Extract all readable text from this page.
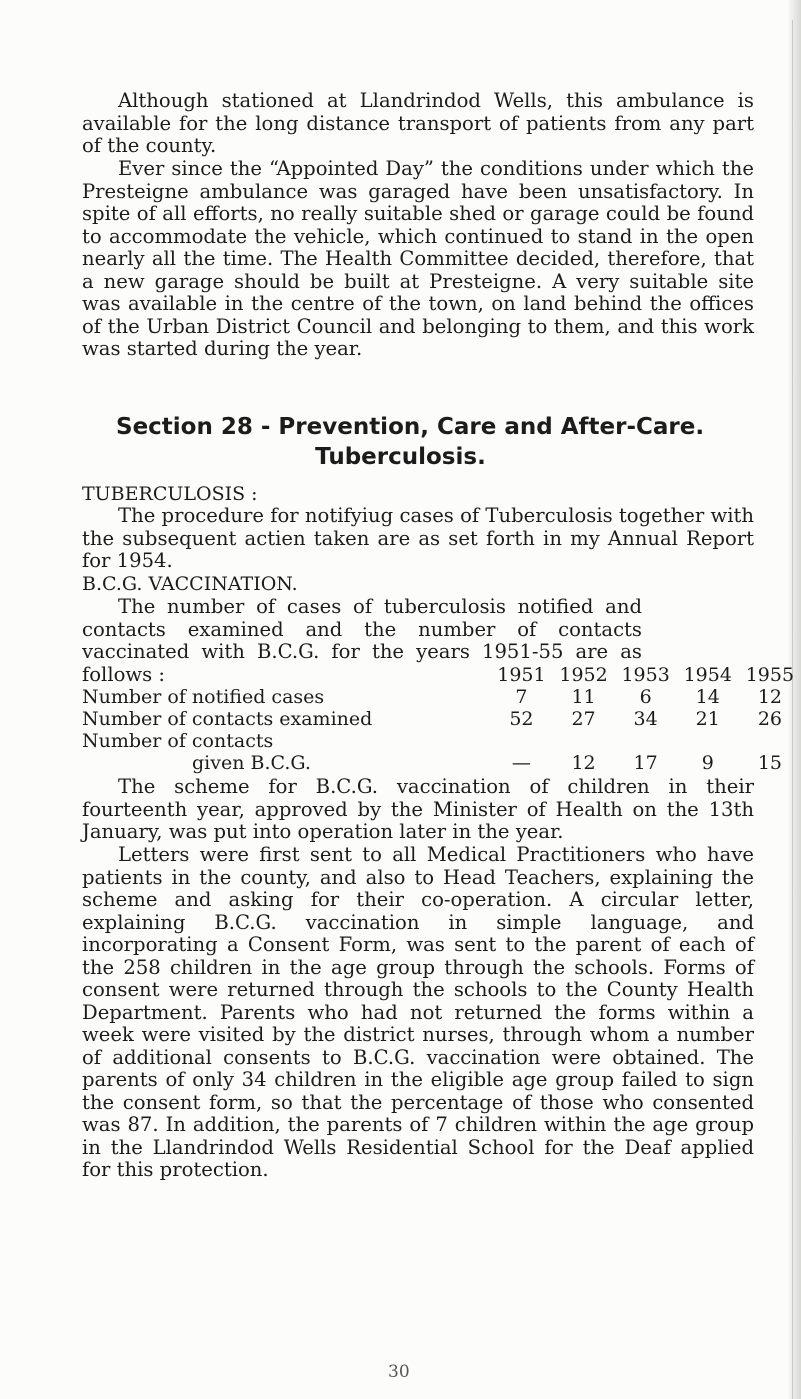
Although stationed at Llandrindod Wells, this ambulance is available for the long distance transport of patients from any part of the county.

Ever since the “Appointed Day” the conditions under which the Presteigne ambulance was garaged have been unsatisfactory. In spite of all efforts, no really suitable shed or garage could be found to accommodate the vehicle, which continued to stand in the open nearly all the time. The Health Committee decided, therefore, that a new garage should be built at Presteigne. A very suitable site was available in the centre of the town, on land behind the offices of the Urban District Council and belonging to them, and this work was started during the year.

Section 28 - Prevention, Care and After-Care.
Tuberculosis.

TUBERCULOSIS :

The procedure for notifyiug cases of Tuberculosis together with the subsequent actien taken are as set forth in my Annual Report for 1954.

B.C.G. VACCINATION.

The number of cases of tuberculosis notified and contacts examined and the number of contacts vaccinated with B.C.G. for the years 1951-55 are as follows :

		1951	1952	1953	1954	1955
Number of notified cases	7	11	6	14	12
Number of contacts examined	52	27	34	21	26
Number of contacts					
given B.C.G.	—	12	17	9	15

The scheme for B.C.G. vaccination of children in their fourteenth year, approved by the Minister of Health on the 13th January, was put into operation later in the year.

Letters were first sent to all Medical Practitioners who have patients in the county, and also to Head Teachers, explaining the scheme and asking for their co-operation. A circular letter, explaining B.C.G. vaccination in simple language, and incorporating a Consent Form, was sent to the parent of each of the 258 children in the age group through the schools. Forms of consent were returned through the schools to the County Health Department. Parents who had not returned the forms within a week were visited by the district nurses, through whom a number of additional consents to B.C.G. vaccination were obtained. The parents of only 34 children in the eligible age group failed to sign the consent form, so that the percentage of those who consented was 87. In addition, the parents of 7 children within the age group in the Llandrindod Wells Residential School for the Deaf applied for this protection.

30
